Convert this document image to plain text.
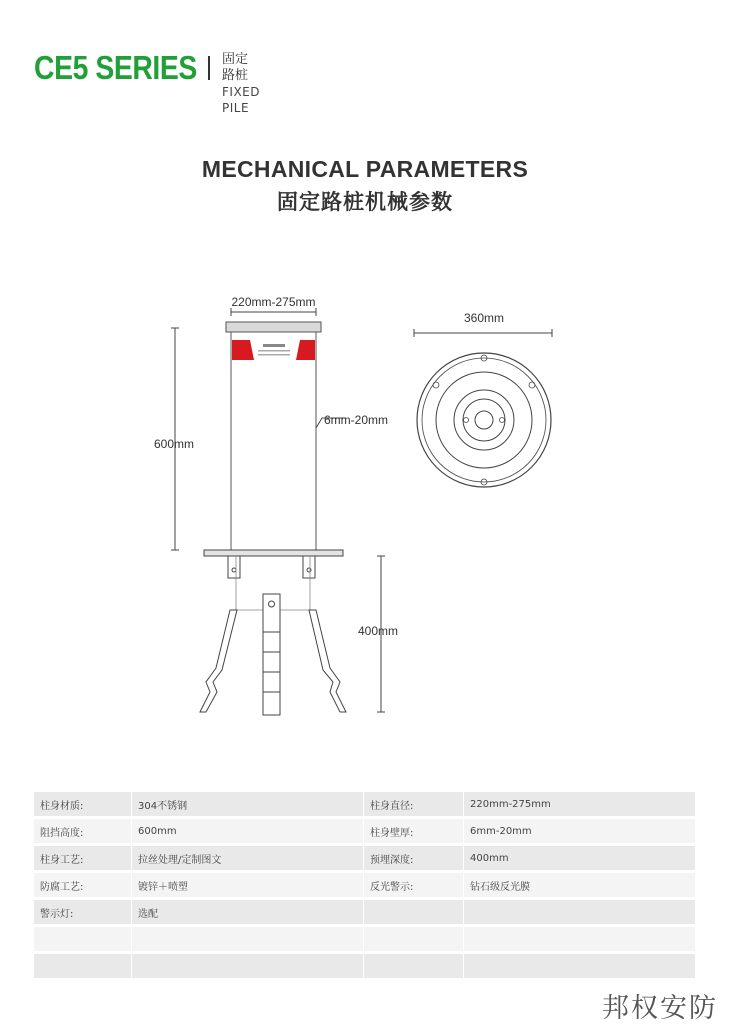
CE5 SERIES 固定路桩
FIXED PILE
MECHANICAL PARAMETERS
固定路桩机械参数
220mm-275mm
600mm
6mm-20mm
400mm
360mm
柱身材质:	304不锈钢	柱身直径:	220mm-275mm
阻挡高度:	600mm	柱身壁厚:	6mm-20mm
柱身工艺:	拉丝处理/定制图文	预埋深度:	400mm
防腐工艺:	镀锌＋喷塑	反光警示:	钻石级反光膜
警示灯:	选配		

邦权安防
